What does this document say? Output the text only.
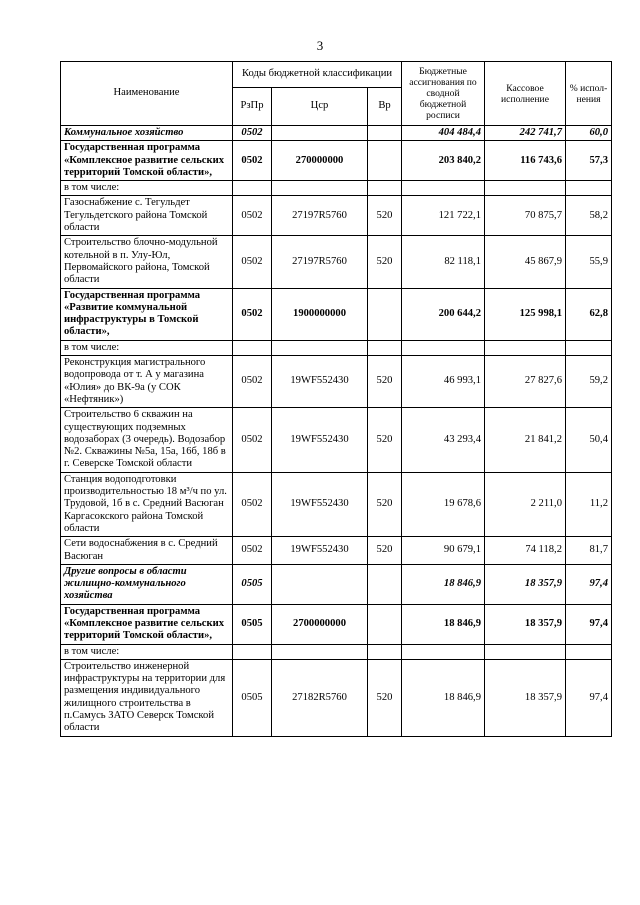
3
Наименование	Коды бюджетной классификации			Бюджетные ассигнования по сводной бюджетной росписи	Кассовое исполнение	% испол-нения
	РзПр	Цср	Вр			
Коммунальное хозяйство	0502			404 484,4	242 741,7	60,0
Государственная программа «Комплексное развитие сельских территорий Томской области»,	0502	270000000		203 840,2	116 743,6	57,3
в том числе:						
Газоснабжение с. Тегульдет Тегульдетского района Томской области	0502	27197R5760	520	121 722,1	70 875,7	58,2
Строительство блочно-модульной котельной в п. Улу-Юл, Первомайского района, Томской области	0502	27197R5760	520	82 118,1	45 867,9	55,9
Государственная программа «Развитие коммунальной инфраструктуры в Томской области»,	0502	1900000000		200 644,2	125 998,1	62,8
в том числе:						
Реконструкция магистрального водопровода от т. А у магазина «Юлия» до ВК-9а (у СОК «Нефтяник»)	0502	19WF552430	520	46 993,1	27 827,6	59,2
Строительство 6 скважин на существующих подземных водозаборах (3 очередь). Водозабор №2. Скважины №5а, 15а, 16б, 18б в г. Северске Томской области	0502	19WF552430	520	43 293,4	21 841,2	50,4
Станция водоподготовки производительностью 18 м³/ч по ул. Трудовой, 1б в с. Средний Васюган Каргасокского района Томской области	0502	19WF552430	520	19 678,6	2 211,0	11,2
Сети водоснабжения в с. Средний Васюган	0502	19WF552430	520	90 679,1	74 118,2	81,7
Другие вопросы в области жилищно-коммунального хозяйства	0505			18 846,9	18 357,9	97,4
Государственная программа «Комплексное развитие сельских территорий Томской области»,	0505	2700000000		18 846,9	18 357,9	97,4
в том числе:						
Строительство инженерной инфраструктуры на территории для размещения индивидуального жилищного строительства в п.Самусь ЗАТО Северск Томской области	0505	27182R5760	520	18 846,9	18 357,9	97,4
